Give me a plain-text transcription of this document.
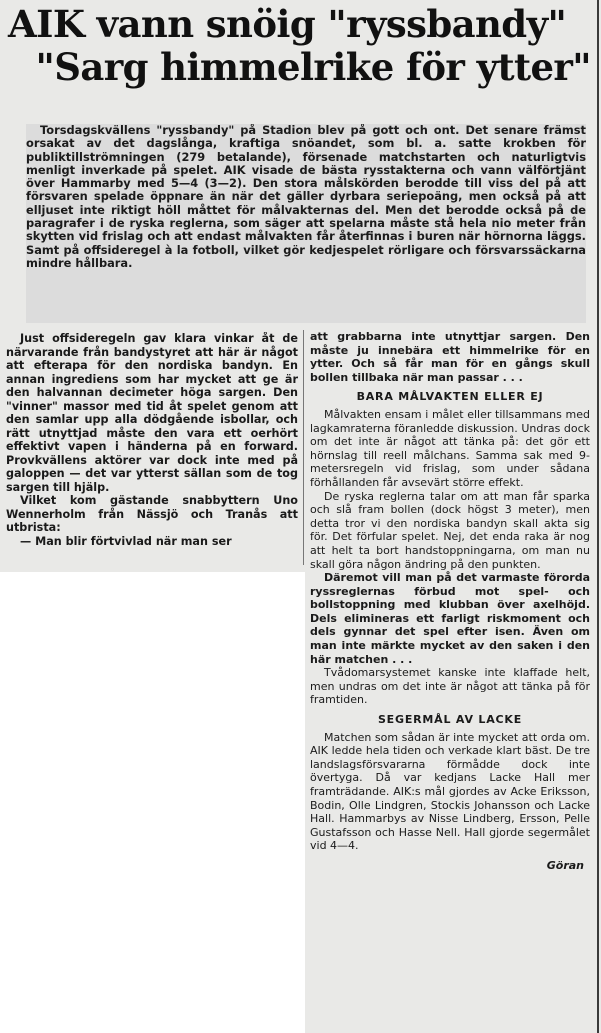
AIK vann snöig "ryssbandy"
"Sarg himmelrike för ytter"

Torsdagskvällens "ryssbandy" på Stadion blev på gott och ont. Det senare främst orsakat av det dagslånga, kraftiga snöandet, som bl. a. satte krokben för publiktillströmningen (279 betalande), försenade matchstarten och naturligtvis menligt inverkade på spelet. AIK visade de bästa rysstakterna och vann välförtjänt över Hammarby med 5—4 (3—2). Den stora målskörden berodde till viss del på att försvaren spelade öppnare än när det gäller dyrbara seriepoäng, men också på att elljuset inte riktigt höll måttet för målvakternas del. Men det berodde också på de paragrafer i de ryska reglerna, som säger att spelarna måste stå hela nio meter från skytten vid frislag och att endast målvakten får återfinnas i buren när hörnorna läggs. Samt på offsideregel à la fotboll, vilket gör kedjespelet rörligare och försvarssäckarna mindre hållbara.

Just offsideregeln gav klara vinkar åt de närvarande från bandystyret att här är något att efterapa för den nordiska bandyn. En annan ingrediens som har mycket att ge är den halvannan decimeter höga sargen. Den "vinner" massor med tid åt spelet genom att den samlar upp alla dödgående isbollar, och rätt utnyttjad måste den vara ett oerhört effektivt vapen i händerna på en forward. Provkvällens aktörer var dock inte med på galoppen — det var ytterst sällan som de tog sargen till hjälp.

Vilket kom gästande snabbyttern Uno Wennerholm från Nässjö och Tranås att utbrista:

— Man blir förtvivlad när man ser

att grabbarna inte utnyttjar sargen. Den måste ju innebära ett himmelrike för en ytter. Och så får man för en gångs skull bollen tillbaka när man passar . . .

BARA MÅLVAKTEN ELLER EJ

Målvakten ensam i målet eller tillsammans med lagkamraterna föranledde diskussion. Undras dock om det inte är något att tänka på: det gör ett hörnslag till reell målchans. Samma sak med 9-metersregeln vid frislag, som under sådana förhållanden får avsevärt större effekt.

De ryska reglerna talar om att man får sparka och slå fram bollen (dock högst 3 meter), men detta tror vi den nordiska bandyn skall akta sig för. Det förfular spelet. Nej, det enda raka är nog att helt ta bort handstoppningarna, om man nu skall göra någon ändring på den punkten.

Däremot vill man på det varmaste förorda ryssreglernas förbud mot spel- och bollstoppning med klubban över axelhöjd. Dels elimineras ett farligt riskmoment och dels gynnar det spel efter isen. Även om man inte märkte mycket av den saken i den här matchen . . .

Tvådomarsystemet kanske inte klaffade helt, men undras om det inte är något att tänka på för framtiden.

SEGERMÅL AV LACKE

Matchen som sådan är inte mycket att orda om. AIK ledde hela tiden och verkade klart bäst. De tre landslagsförsvararna förmådde dock inte övertyga. Då var kedjans Lacke Hall mer framträdande. AIK:s mål gjordes av Acke Eriksson, Bodin, Olle Lindgren, Stockis Johansson och Lacke Hall. Hammarbys av Nisse Lindberg, Ersson, Pelle Gustafsson och Hasse Nell. Hall gjorde segermålet vid 4—4.

Göran
